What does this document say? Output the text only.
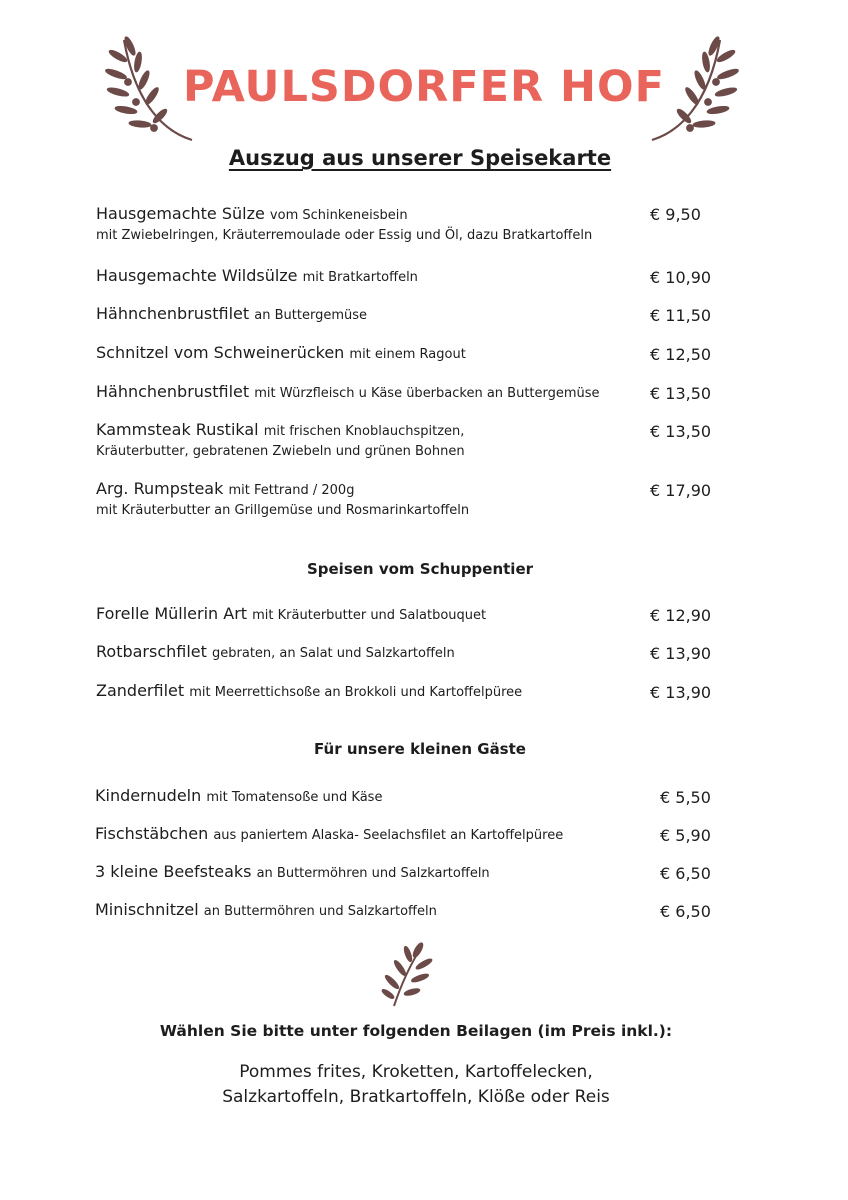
PAULSDORFER HOF
Auszug aus unserer Speisekarte
Hausgemachte Sülze vom Schinkeneisbein
mit Zwiebelringen, Kräuterremoulade oder Essig und Öl, dazu Bratkartoffeln
€ 9,50
Hausgemachte Wildsülze mit Bratkartoffeln	€ 10,90
Hähnchenbrustfilet an Buttergemüse	€ 11,50
Schnitzel vom Schweinerücken mit einem Ragout	€ 12,50
Hähnchenbrustfilet mit Würzfleisch u Käse überbacken an Buttergemüse	€ 13,50
Kammsteak Rustikal mit frischen Knoblauchspitzen,
Kräuterbutter, gebratenen Zwiebeln und grünen Bohnen
€ 13,50
Arg. Rumpsteak mit Fettrand / 200g
mit Kräuterbutter an Grillgemüse und Rosmarinkartoffeln
€ 17,90
Speisen vom Schuppentier
Forelle Müllerin Art mit Kräuterbutter und Salatbouquet	€ 12,90
Rotbarschfilet gebraten, an Salat und Salzkartoffeln	€ 13,90
Zanderfilet mit Meerrettichsoße an Brokkoli und Kartoffelpüree	€ 13,90
Für unsere kleinen Gäste
Kindernudeln mit Tomatensoße und Käse	€ 5,50
Fischstäbchen aus paniertem Alaska- Seelachsfilet an Kartoffelpüree	€ 5,90
3 kleine Beefsteaks an Buttermöhren und Salzkartoffeln	€ 6,50
Minischnitzel an Buttermöhren und Salzkartoffeln	€ 6,50
Wählen Sie bitte unter folgenden Beilagen (im Preis inkl.):
Pommes frites, Kroketten, Kartoffelecken,
Salzkartoffeln, Bratkartoffeln, Klöße oder Reis
